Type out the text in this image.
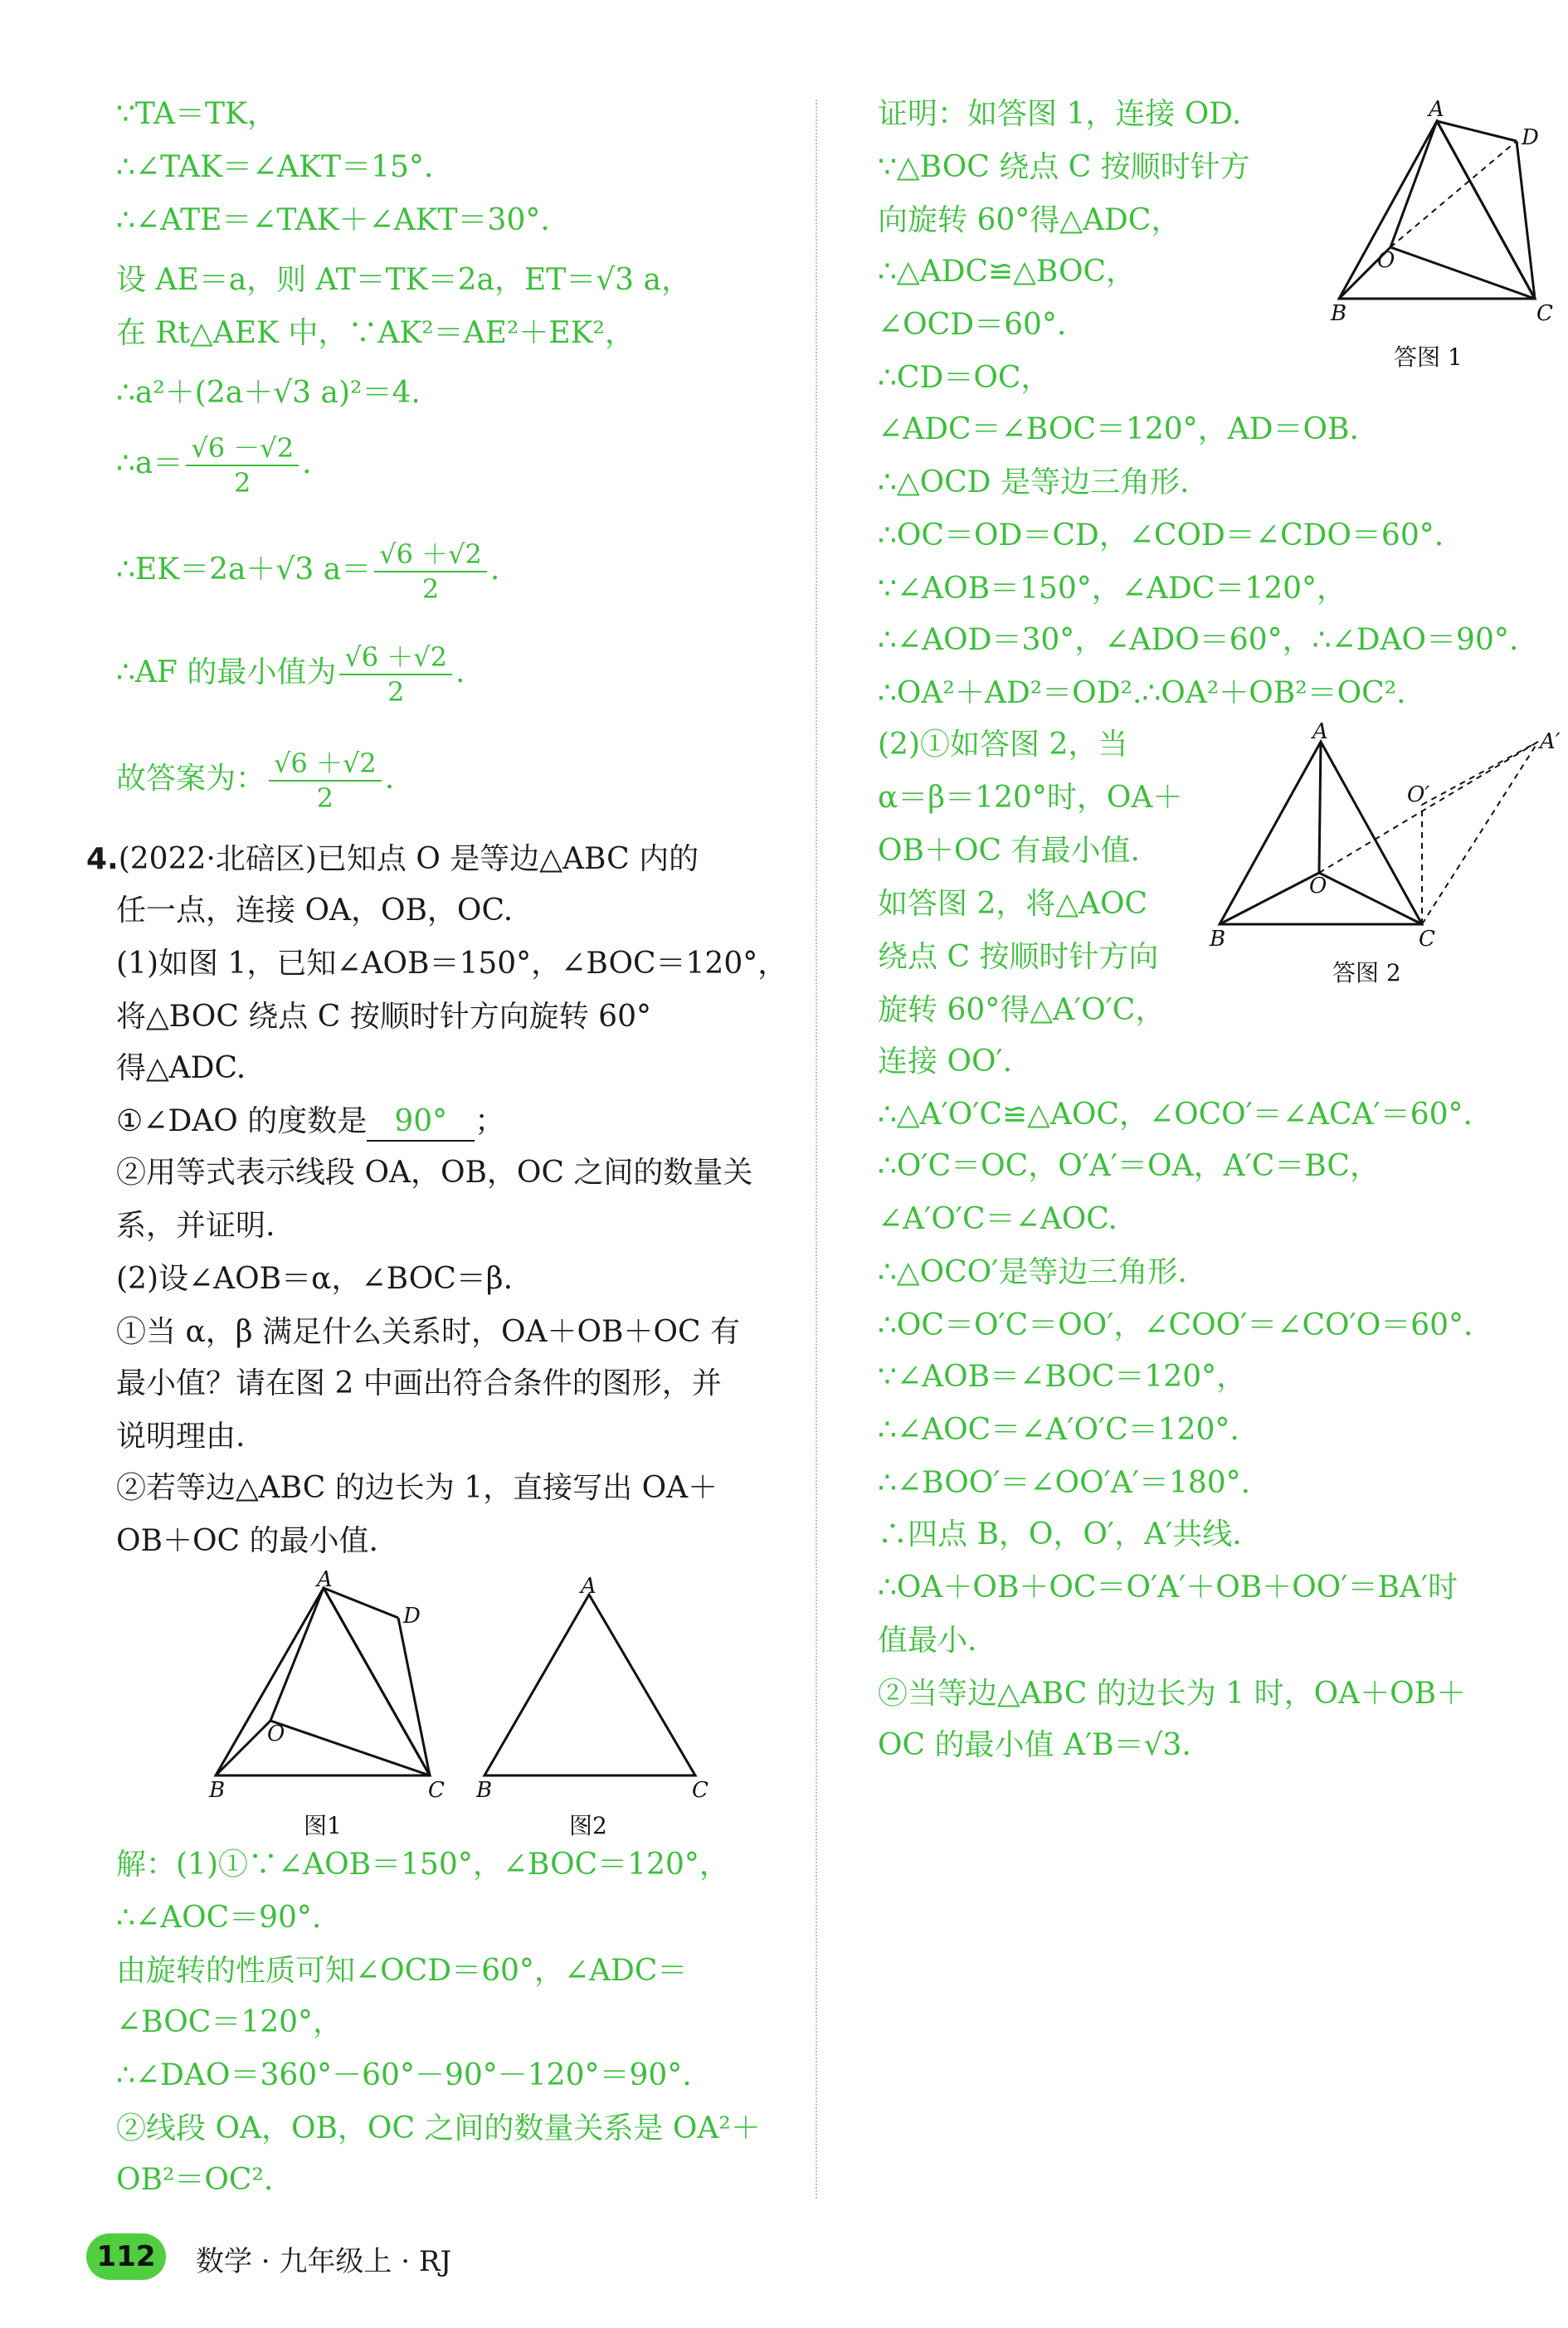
∵TA＝TK，
∴∠TAK＝∠AKT＝15°.
∴∠ATE＝∠TAK＋∠AKT＝30°.
设 AE＝a，则 AT＝TK＝2a，ET＝√3 a，
在 Rt△AEK 中，∵AK²＝AE²＋EK²，
∴a²＋(2a＋√3 a)²＝4.
∴a＝ $\frac{√6 -√2}{2}$ .
∴EK＝2a＋√3 $a= \frac{√6 +√2}{2}$ .
∴AF 的最小值为 $\frac{√6 +√2}{2}$ .
故答案为： $\frac{√6 +√2}{2}$ .
4.(2022·北碚区)已知点 O 是等边△ABC 内的
任一点，连接 OA，OB，OC.
(1)如图 1，已知∠AOB＝150°，∠BOC＝120°，
将△BOC 绕点 C 按顺时针方向旋转 60°
得△ADC.
①∠DAO 的度数是 90° ；
②用等式表示线段 OA，OB，OC 之间的数量关
系，并证明.
(2)设∠AOB＝α，∠BOC＝β.
①当 α，β 满足什么关系时，OA＋OB＋OC 有
最小值？请在图 2 中画出符合条件的图形，并
说明理由.
②若等边△ABC 的边长为 1，直接写出 OA＋
OB＋OC 的最小值.
A
D
O
B	C
图1
A
B	C
图2
解：(1)①∵∠AOB＝150°，∠BOC＝120°，
∴∠AOC＝90°.
由旋转的性质可知∠OCD＝60°，∠ADC＝
∠BOC＝120°，
∴∠DAO＝360°－60°－90°－120°＝90°.
②线段 OA，OB，OC 之间的数量关系是 OA²＋
OB²＝OC².
证明：如答图 1，连接 OD.
∵△BOC 绕点 C 按顺时针方
向旋转 60°得△ADC，
∴△ADC≌△BOC，
∠OCD＝60°.
∴CD＝OC，
∠ADC＝∠BOC＝120°，AD＝OB.
∴△OCD 是等边三角形.
∴OC＝OD＝CD，∠COD＝∠CDO＝60°.
∵∠AOB＝150°，∠ADC＝120°，
∴∠AOD＝30°，∠ADO＝60°，∴∠DAO＝90°.
∴OA²＋AD²＝OD².∴OA²＋OB²＝OC².
A
D
O
B	C
答图 1
(2)①如答图 2，当
α＝β＝120°时，OA＋
OB＋OC 有最小值.
如答图 2，将△AOC
绕点 C 按顺时针方向
旋转 60°得△A′O′C，
连接 OO′.
A	A′
O′
O
B	C
答图 2
∴△A′O′C≌△AOC，∠OCO′＝∠ACA′＝60°.
∴O′C＝OC，O′A′＝OA，A′C＝BC，
∠A′O′C＝∠AOC.
∴△OCO′是等边三角形.
∴OC＝O′C＝OO′，∠COO′＝∠CO′O＝60°.
∵∠AOB＝∠BOC＝120°，
∴∠AOC＝∠A′O′C＝120°.
∴∠BOO′＝∠OO′A′＝180°.
∴四点 B，O，O′，A′共线.
∴OA＋OB＋OC＝O′A′＋OB＋OO′＝BA′时
值最小.
②当等边△ABC 的边长为 1 时，OA＋OB＋
OC 的最小值 A′B＝√3.
112	数学 · 九年级上 · RJ
